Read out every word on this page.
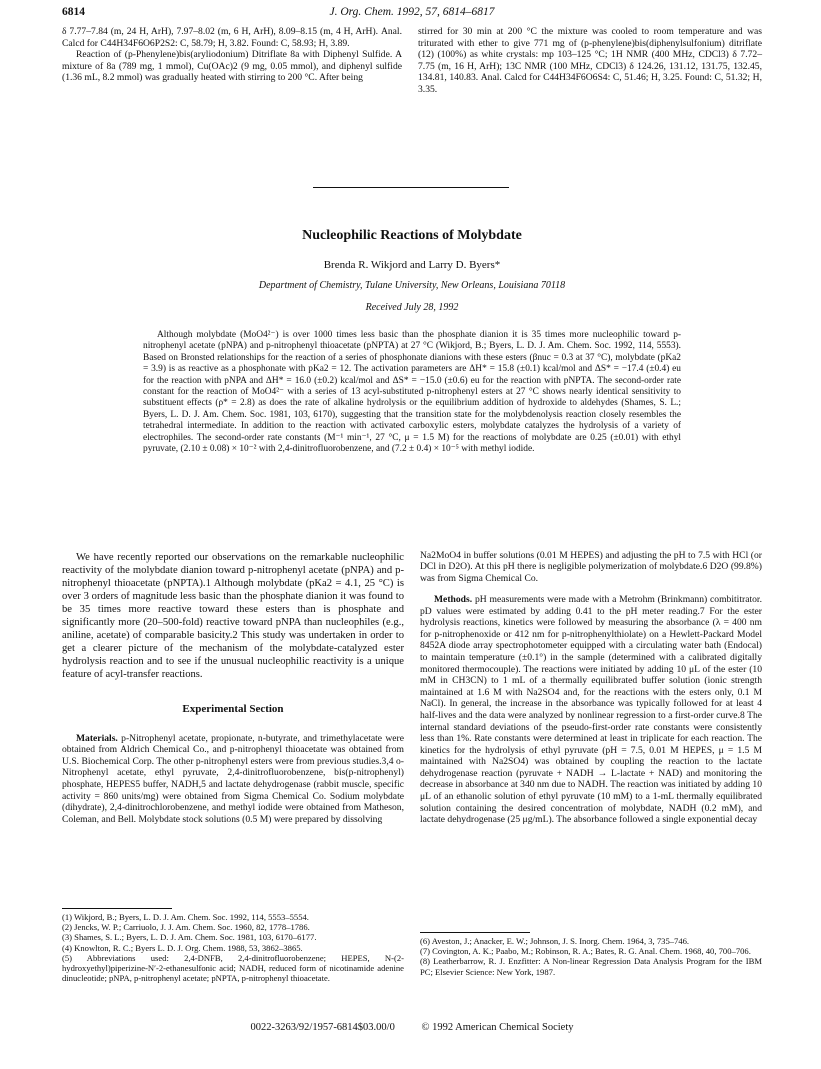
6814	J. Org. Chem. 1992, 57, 6814–6817

δ 7.77–7.84 (m, 24 H, ArH), 7.97–8.02 (m, 6 H, ArH), 8.09–8.15 (m, 4 H, ArH). Anal. Calcd for C44H34F6O6P2S2: C, 58.79; H, 3.82. Found: C, 58.93; H, 3.89.

Reaction of (p-Phenylene)bis(aryliodonium) Ditriflate 8a with Diphenyl Sulfide. A mixture of 8a (789 mg, 1 mmol), Cu(OAc)2 (9 mg, 0.05 mmol), and diphenyl sulfide (1.36 mL, 8.2 mmol) was gradually heated with stirring to 200 °C. After being

stirred for 30 min at 200 °C the mixture was cooled to room temperature and was triturated with ether to give 771 mg of (p-phenylene)bis(diphenylsulfonium) ditriflate (12) (100%) as white crystals: mp 103–125 °C; 1H NMR (400 MHz, CDCl3) δ 7.72–7.75 (m, 16 H, ArH); 13C NMR (100 MHz, CDCl3) δ 124.26, 131.12, 131.75, 132.45, 134.81, 140.83. Anal. Calcd for C44H34F6O6S4: C, 51.46; H, 3.25. Found: C, 51.32; H, 3.35.

Nucleophilic Reactions of Molybdate
Brenda R. Wikjord and Larry D. Byers*
Department of Chemistry, Tulane University, New Orleans, Louisiana 70118
Received July 28, 1992

Although molybdate (MoO4²⁻) is over 1000 times less basic than the phosphate dianion it is 35 times more nucleophilic toward p-nitrophenyl acetate (pNPA) and p-nitrophenyl thioacetate (pNPTA) at 27 °C (Wikjord, B.; Byers, L. D. J. Am. Chem. Soc. 1992, 114, 5553). Based on Bronsted relationships for the reaction of a series of phosphonate dianions with these esters (βnuc = 0.3 at 37 °C), molybdate (pKa2 = 3.9) is as reactive as a phosphonate with pKa2 = 12. The activation parameters are ΔH* = 15.8 (±0.1) kcal/mol and ΔS* = −17.4 (±0.4) eu for the reaction with pNPA and ΔH* = 16.0 (±0.2) kcal/mol and ΔS* = −15.0 (±0.6) eu for the reaction with pNPTA. The second-order rate constant for the reaction of MoO4²⁻ with a series of 13 acyl-substituted p-nitrophenyl esters at 27 °C shows nearly identical sensitivity to substituent effects (ρ* = 2.8) as does the rate of alkaline hydrolysis or the equilibrium addition of hydroxide to aldehydes (Shames, S. L.; Byers, L. D. J. Am. Chem. Soc. 1981, 103, 6170), suggesting that the transition state for the molybdenolysis reaction closely resembles the tetrahedral intermediate. In addition to the reaction with activated carboxylic esters, molybdate catalyzes the hydrolysis of a variety of electrophiles. The second-order rate constants (M⁻¹ min⁻¹, 27 °C, μ = 1.5 M) for the reactions of molybdate are 0.25 (±0.01) with ethyl pyruvate, (2.10 ± 0.08) × 10⁻² with 2,4-dinitrofluorobenzene, and (7.2 ± 0.4) × 10⁻⁵ with methyl iodide.

We have recently reported our observations on the remarkable nucleophilic reactivity of the molybdate dianion toward p-nitrophenyl acetate (pNPA) and p-nitrophenyl thioacetate (pNPTA).1 Although molybdate (pKa2 = 4.1, 25 °C) is over 3 orders of magnitude less basic than the phosphate dianion it was found to be 35 times more reactive toward these esters than is phosphate and significantly more (20–500-fold) reactive toward pNPA than nucleophiles (e.g., aniline, acetate) of comparable basicity.2 This study was undertaken in order to get a clearer picture of the mechanism of the molybdate-catalyzed ester hydrolysis reaction and to see if the unusual nucleophilic reactivity is a unique feature of acyl-transfer reactions.

Experimental Section

Materials. p-Nitrophenyl acetate, propionate, n-butyrate, and trimethylacetate were obtained from Aldrich Chemical Co., and p-nitrophenyl thioacetate was obtained from U.S. Biochemical Corp. The other p-nitrophenyl esters were from previous studies.3,4 o-Nitrophenyl acetate, ethyl pyruvate, 2,4-dinitrofluorobenzene, bis(p-nitrophenyl) phosphate, HEPES5 buffer, NADH,5 and lactate dehydrogenase (rabbit muscle, specific activity = 860 units/mg) were obtained from Sigma Chemical Co. Sodium molybdate (dihydrate), 2,4-dinitrochlorobenzene, and methyl iodide were obtained from Matheson, Coleman, and Bell. Molybdate stock solutions (0.5 M) were prepared by dissolving

Na2MoO4 in buffer solutions (0.01 M HEPES) and adjusting the pH to 7.5 with HCl (or DCl in D2O). At this pH there is negligible polymerization of molybdate.6 D2O (99.8%) was from Sigma Chemical Co.

Methods. pH measurements were made with a Metrohm (Brinkmann) combititrator. pD values were estimated by adding 0.41 to the pH meter reading.7 For the ester hydrolysis reactions, kinetics were followed by measuring the absorbance (λ = 400 nm for p-nitrophenoxide or 412 nm for p-nitrophenylthiolate) on a Hewlett-Packard Model 8452A diode array spectrophotometer equipped with a circulating water bath (Endocal) to maintain temperature (±0.1°) in the sample (determined with a calibrated digitally monitored thermocouple). The reactions were initiated by adding 10 μL of the ester (10 mM in CH3CN) to 1 mL of a thermally equilibrated buffer solution (ionic strength maintained at 1.6 M with Na2SO4 and, for the reactions with the esters only, 0.1 M NaCl). In general, the increase in the absorbance was typically followed for at least 4 half-lives and the data were analyzed by nonlinear regression to a first-order curve.8 The internal standard deviations of the pseudo-first-order rate constants were consistently less than 1%. Rate constants were determined at least in triplicate for each reaction. The kinetics for the hydrolysis of ethyl pyruvate (pH = 7.5, 0.01 M HEPES, μ = 1.5 M maintained with Na2SO4) was obtained by coupling the reaction to the lactate dehydrogenase reaction (pyruvate + NADH → L-lactate + NAD) and monitoring the decrease in absorbance at 340 nm due to NADH. The reaction was initiated by adding 10 μL of an ethanolic solution of ethyl pyruvate (10 mM) to a 1-mL thermally equilibrated solution containing the desired concentration of molybdate, NADH (0.2 mM), and lactate dehydrogenase (25 μg/mL). The absorbance followed a single exponential decay

(1) Wikjord, B.; Byers, L. D. J. Am. Chem. Soc. 1992, 114, 5553–5554.
(2) Jencks, W. P.; Carriuolo, J. J. Am. Chem. Soc. 1960, 82, 1778–1786.
(3) Shames, S. L.; Byers, L. D. J. Am. Chem. Soc. 1981, 103, 6170–6177.
(4) Knowlton, R. C.; Byers L. D. J. Org. Chem. 1988, 53, 3862–3865.
(5) Abbreviations used: 2,4-DNFB, 2,4-dinitrofluorobenzene; HEPES, N-(2-hydroxyethyl)piperizine-N′-2-ethanesulfonic acid; NADH, reduced form of nicotinamide adenine dinucleotide; pNPA, p-nitrophenyl acetate; pNPTA, p-nitrophenyl thioacetate.
(6) Aveston, J.; Anacker, E. W.; Johnson, J. S. Inorg. Chem. 1964, 3, 735–746.
(7) Covington, A. K.; Paabo, M.; Robinson, R. A.; Bates, R. G. Anal. Chem. 1968, 40, 700–706.
(8) Leatherbarrow, R. J. Enzfitter: A Non-linear Regression Data Analysis Program for the IBM PC; Elsevier Science: New York, 1987.
0022-3263/92/1957-6814$03.00/0	© 1992 American Chemical Society
